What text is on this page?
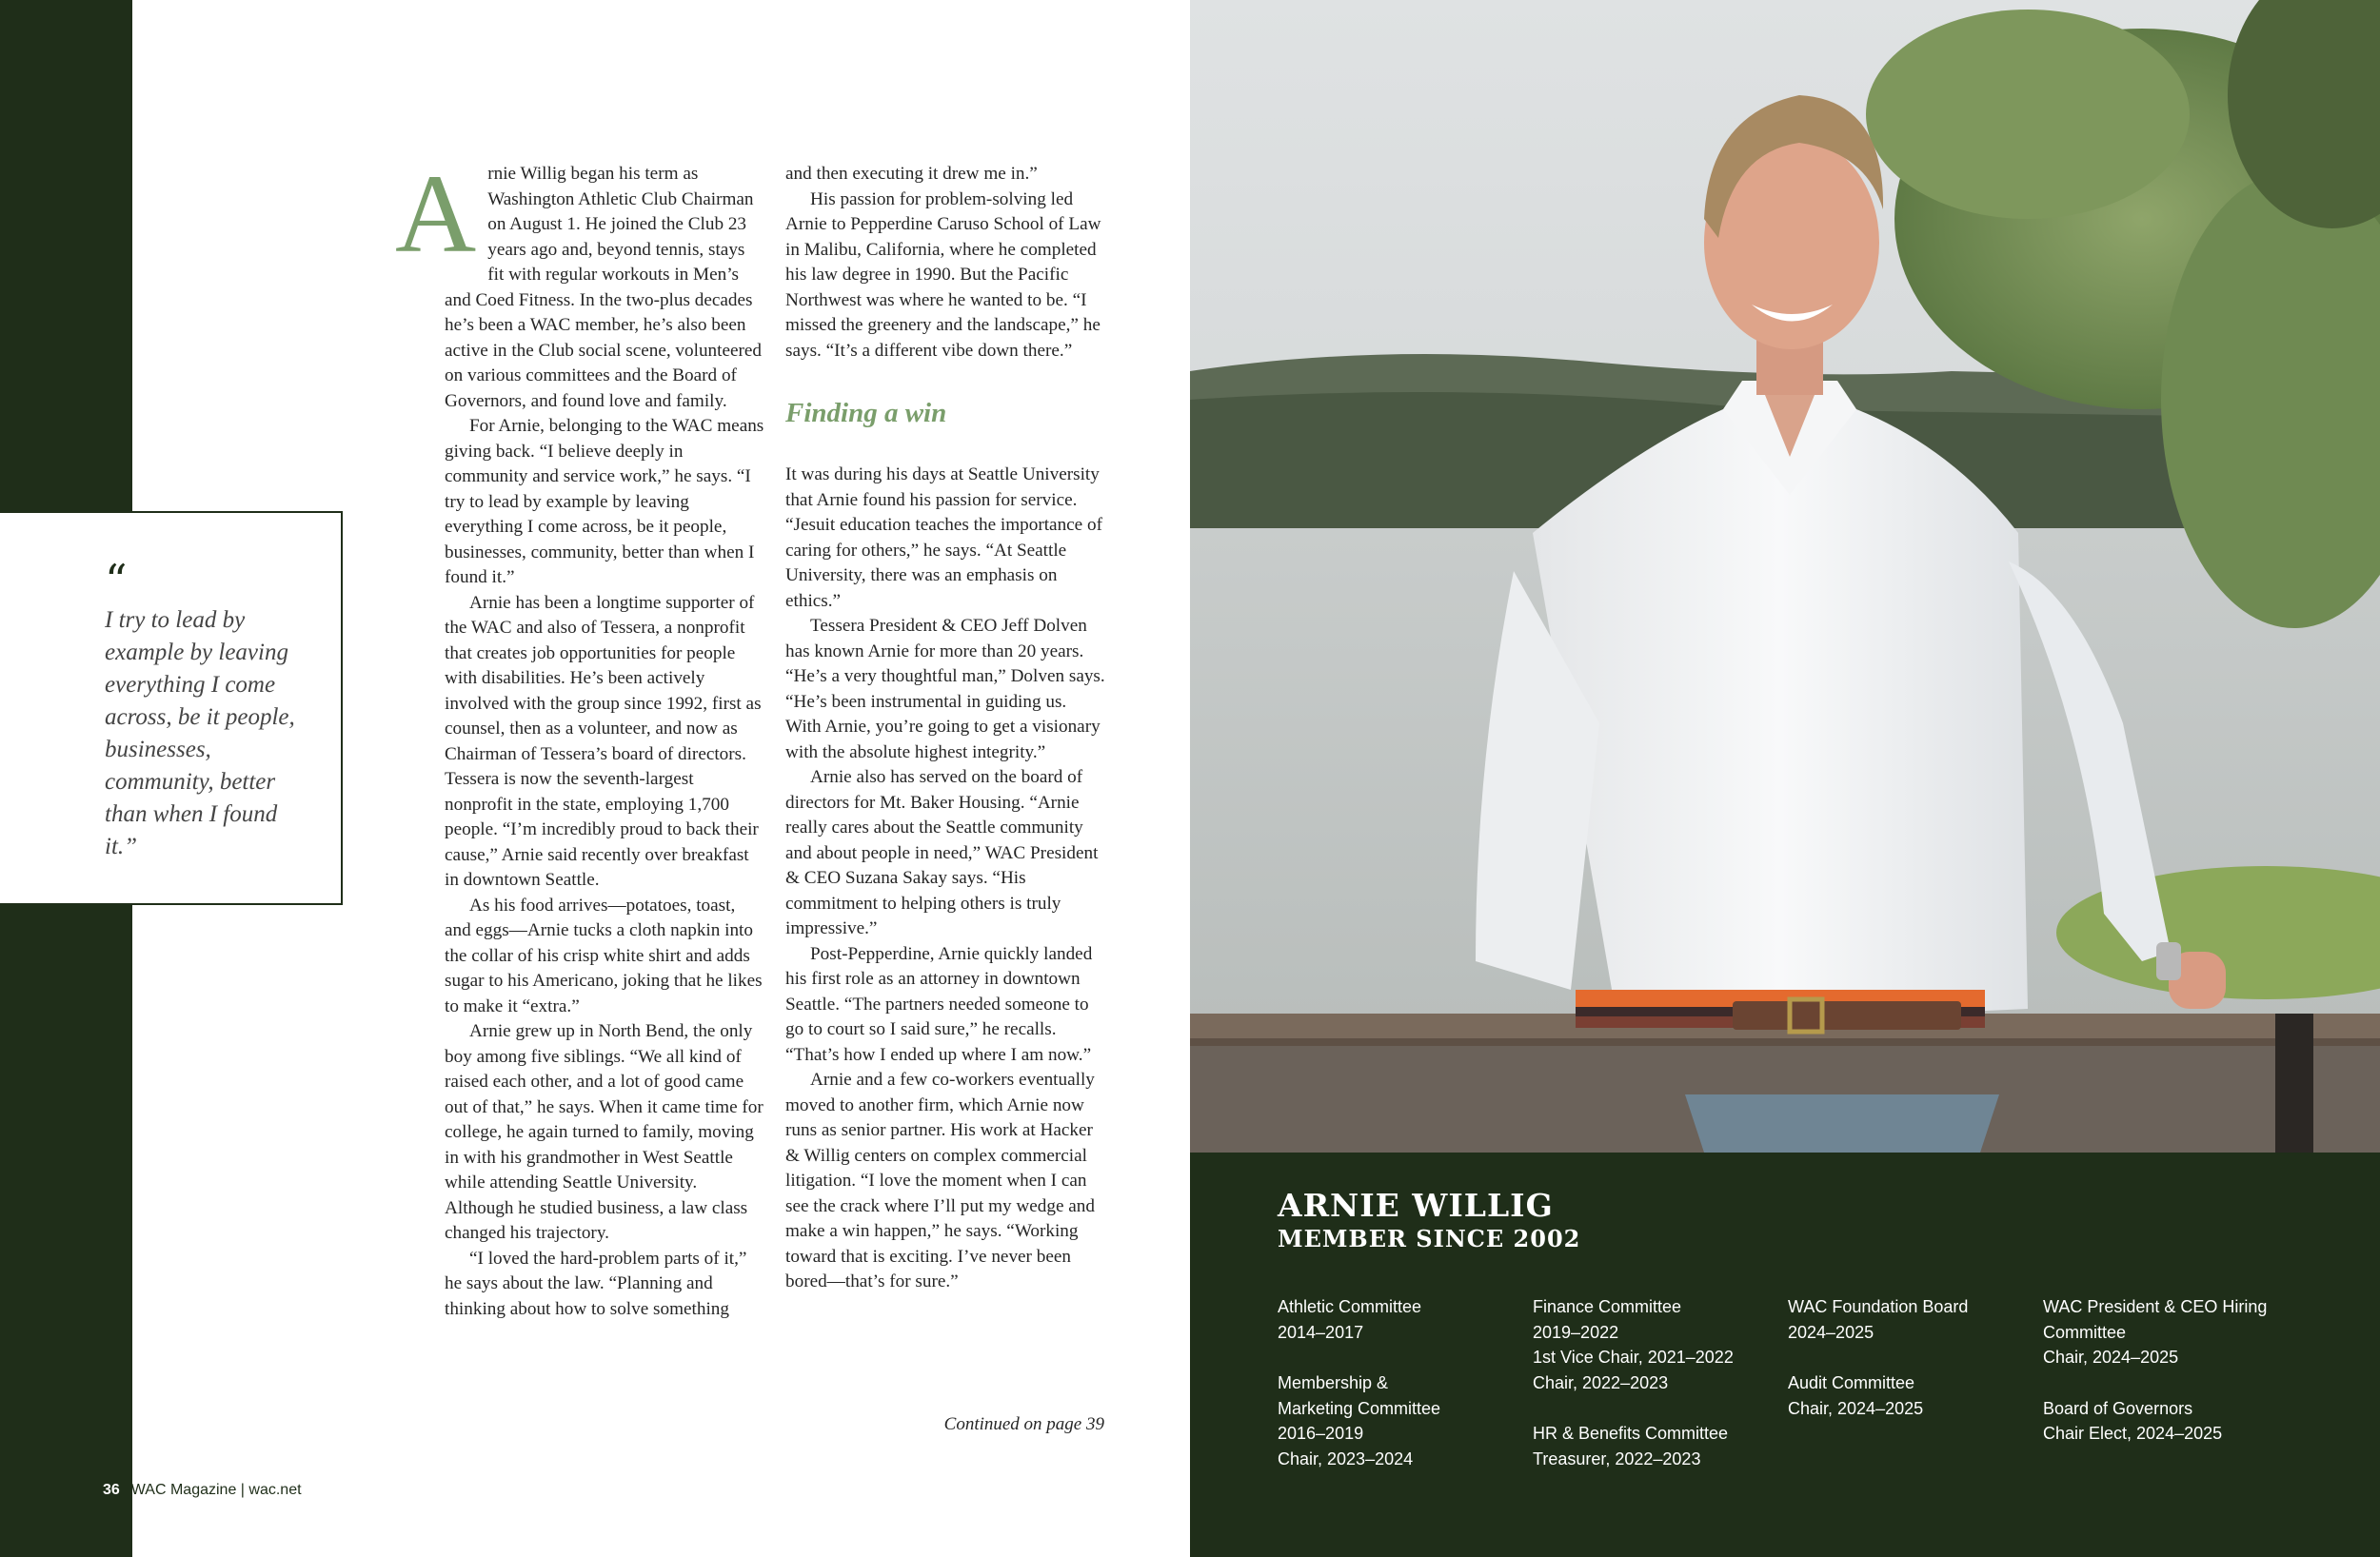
“
I try to lead by example by leaving everything I come across, be it people, businesses, community, better than when I found it.”
A rnie Willig began his term as Washington Athletic Club Chairman on August 1. He joined the Club 23 years ago and, beyond tennis, stays fit with regular workouts in Men’s and Coed Fitness. In the two-plus decades he’s been a WAC member, he’s also been active in the Club social scene, volunteered on various committees and the Board of Governors, and found love and family.

For Arnie, belonging to the WAC means giving back. “I believe deeply in community and service work,” he says. “I try to lead by example by leaving everything I come across, be it people, businesses, community, better than when I found it.”

Arnie has been a longtime supporter of the WAC and also of Tessera, a nonprofit that creates job opportunities for people with disabilities. He’s been actively involved with the group since 1992, first as counsel, then as a volunteer, and now as Chairman of Tessera’s board of directors. Tessera is now the seventh-largest nonprofit in the state, employing 1,700 people. “I’m incredibly proud to back their cause,” Arnie said recently over breakfast in downtown Seattle.

As his food arrives—potatoes, toast, and eggs—Arnie tucks a cloth napkin into the collar of his crisp white shirt and adds sugar to his Americano, joking that he likes to make it “extra.”

Arnie grew up in North Bend, the only boy among five siblings. “We all kind of raised each other, and a lot of good came out of that,” he says. When it came time for college, he again turned to family, moving in with his grandmother in West Seattle while attending Seattle University. Although he studied business, a law class changed his trajectory.

“I loved the hard-problem parts of it,” he says about the law. “Planning and thinking about how to solve something

and then executing it drew me in.”

His passion for problem-solving led Arnie to Pepperdine Caruso School of Law in Malibu, California, where he completed his law degree in 1990. But the Pacific Northwest was where he wanted to be. “I missed the greenery and the landscape,” he says. “It’s a different vibe down there.”

Finding a win

It was during his days at Seattle University that Arnie found his passion for service. “Jesuit education teaches the importance of caring for others,” he says. “At Seattle University, there was an emphasis on ethics.”

Tessera President & CEO Jeff Dolven has known Arnie for more than 20 years. “He’s a very thoughtful man,” Dolven says. “He’s been instrumental in guiding us. With Arnie, you’re going to get a visionary with the absolute highest integrity.”

Arnie also has served on the board of directors for Mt. Baker Housing. “Arnie really cares about the Seattle community and about people in need,” WAC President & CEO Suzana Sakay says. “His commitment to helping others is truly impressive.”

Post-Pepperdine, Arnie quickly landed his first role as an attorney in downtown Seattle. “The partners needed someone to go to court so I said sure,” he recalls. “That’s how I ended up where I am now.”

Arnie and a few co-workers eventually moved to another firm, which Arnie now runs as senior partner. His work at Hacker & Willig centers on complex commercial litigation. “I love the moment when I can see the crack where I’ll put my wedge and make a win happen,” he says. “Working toward that is exciting. I’ve never been bored—that’s for sure.”

Continued on page 39
36 WAC Magazine | wac.net
ARNIE WILLIG
MEMBER SINCE 2002
Athletic Committee
2014–2017
Membership &
Marketing Committee
2016–2019
Chair, 2023–2024
Finance Committee
2019–2022
1st Vice Chair, 2021–2022
Chair, 2022–2023
HR & Benefits Committee
Treasurer, 2022–2023
WAC Foundation Board
2024–2025
Audit Committee
Chair, 2024–2025
WAC President & CEO Hiring
Committee
Chair, 2024–2025
Board of Governors
Chair Elect, 2024–2025
